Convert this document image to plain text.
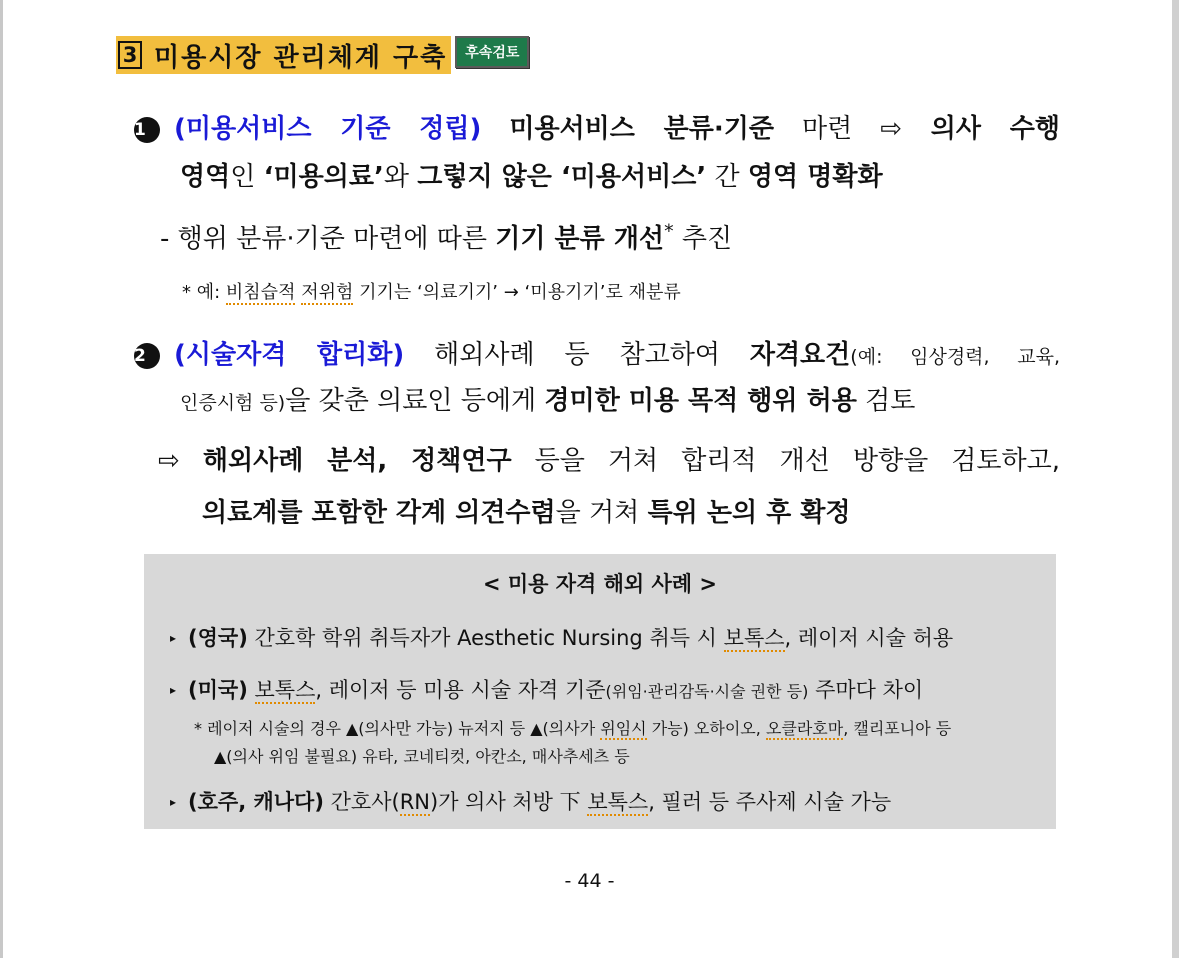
3 미용시장 관리체계 구축	후속검토
1 (미용서비스 기준 정립) 미용서비스 분류·기준 마련 ⇨ 의사 수행
영역인 ‘미용의료’와 그렇지 않은 ‘미용서비스’ 간 영역 명확화
- 행위 분류·기준 마련에 따른 기기 분류 개선* 추진
* 예: 비침습적 저위험 기기는 ‘의료기기’ → ‘미용기기’로 재분류
2 (시술자격 합리화) 해외사례 등 참고하여 자격요건(예: 임상경력, 교육,
인증시험 등)을 갖춘 의료인 등에게 경미한 미용 목적 행위 허용 검토
⇨ 해외사례 분석, 정책연구 등을 거쳐 합리적 개선 방향을 검토하고,
의료계를 포함한 각계 의견수렴을 거쳐 특위 논의 후 확정
< 미용 자격 해외 사례 >
▸ (영국) 간호학 학위 취득자가 Aesthetic Nursing 취득 시 보톡스, 레이저 시술 허용
▸ (미국) 보톡스, 레이저 등 미용 시술 자격 기준(위임·관리감독·시술 권한 등) 주마다 차이
* 레이저 시술의 경우 ▲(의사만 가능) 뉴저지 등 ▲(의사가 위임시 가능) 오하이오, 오클라호마, 캘리포니아 등
▲(의사 위임 불필요) 유타, 코네티컷, 아칸소, 매사추세츠 등
▸ (호주, 캐나다) 간호사(RN)가 의사 처방 下 보톡스, 필러 등 주사제 시술 가능
- 44 -
